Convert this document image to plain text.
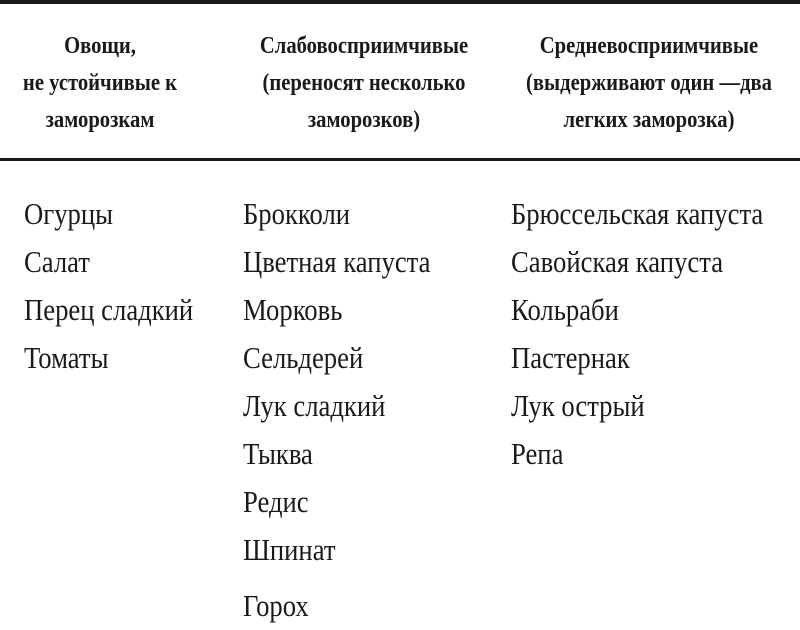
Овощи,
не устойчивые к
заморозкам
Слабовосприимчивые
(переносят несколько
заморозков)
Средневосприимчивые
(выдерживают один —два
легких заморозка)
Огурцы
Салат
Перец сладкий
Томаты
Брокколи
Цветная капуста
Морковь
Сельдерей
Лук сладкий
Тыква
Редис
Шпинат
Горох
Брюссельская капуста
Савойская капуста
Кольраби
Пастернак
Лук острый
Репа
